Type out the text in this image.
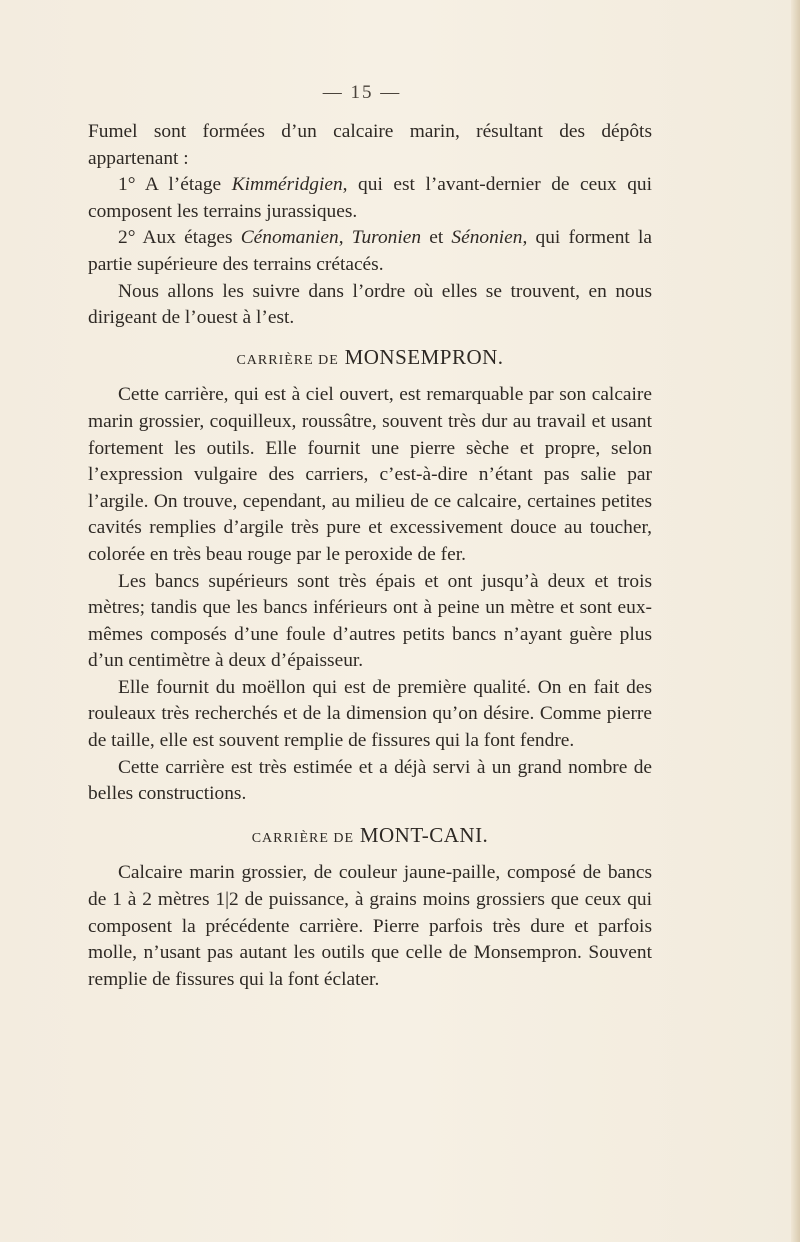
— 15 —

Fumel sont formées d’un calcaire marin, résultant des dépôts appartenant :

1° A l’étage Kimméridgien, qui est l’avant-dernier de ceux qui composent les terrains jurassiques.

2° Aux étages Cénomanien, Turonien et Sénonien, qui forment la partie supérieure des terrains crétacés.

Nous allons les suivre dans l’ordre où elles se trouvent, en nous dirigeant de l’ouest à l’est.

CARRIÈRE DE MONSEMPRON.

Cette carrière, qui est à ciel ouvert, est remarquable par son calcaire marin grossier, coquilleux, roussâtre, souvent très dur au travail et usant fortement les outils. Elle fournit une pierre sèche et propre, selon l’expression vulgaire des carriers, c’est-à-dire n’étant pas salie par l’argile. On trouve, cependant, au milieu de ce calcaire, certaines petites cavités remplies d’argile très pure et excessivement douce au toucher, colorée en très beau rouge par le peroxide de fer.

Les bancs supérieurs sont très épais et ont jusqu’à deux et trois mètres; tandis que les bancs inférieurs ont à peine un mètre et sont eux-mêmes composés d’une foule d’autres petits bancs n’ayant guère plus d’un centimètre à deux d’épaisseur.

Elle fournit du moëllon qui est de première qualité. On en fait des rouleaux très recherchés et de la dimension qu’on désire. Comme pierre de taille, elle est souvent remplie de fissures qui la font fendre.

Cette carrière est très estimée et a déjà servi à un grand nombre de belles constructions.

CARRIÈRE DE MONT-CANI.

Calcaire marin grossier, de couleur jaune-paille, composé de bancs de 1 à 2 mètres 1|2 de puissance, à grains moins grossiers que ceux qui composent la précédente carrière. Pierre parfois très dure et parfois molle, n’usant pas autant les outils que celle de Monsempron. Souvent remplie de fissures qui la font éclater.
